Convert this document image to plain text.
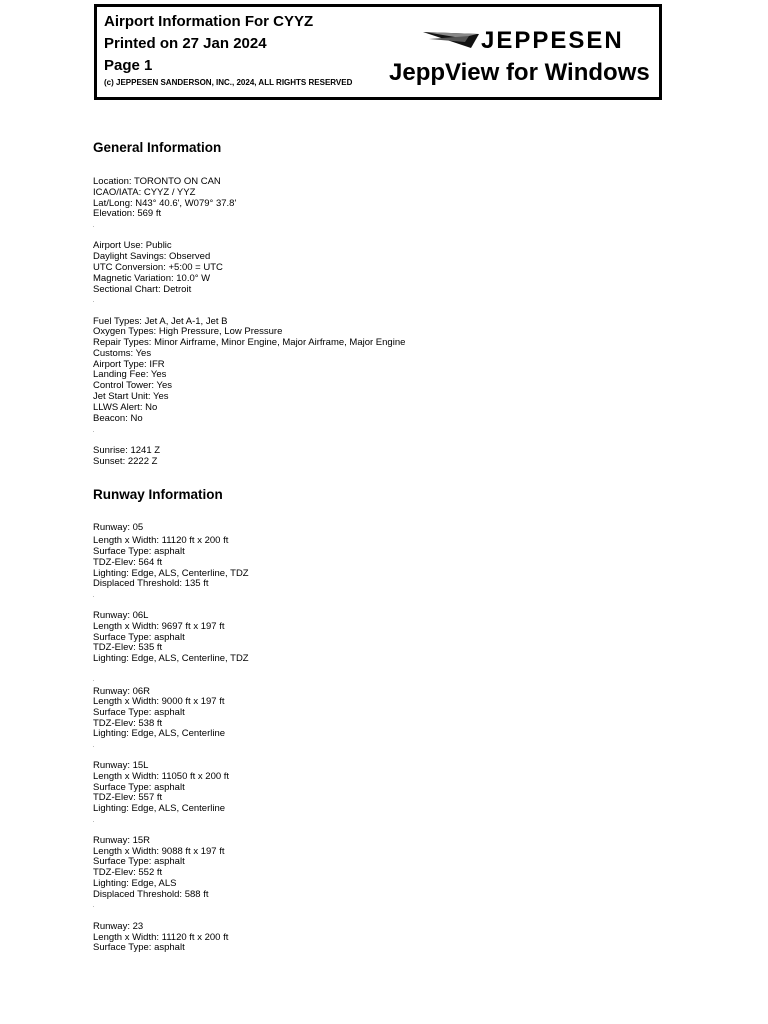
Airport Information For CYYZ
Printed on 27 Jan 2024
Page 1
(c) JEPPESEN SANDERSON, INC., 2024, ALL RIGHTS RESERVED
JEPPESEN
JeppView for Windows
General Information
Location: TORONTO ON CAN
ICAO/IATA: CYYZ / YYZ
Lat/Long: N43° 40.6', W079° 37.8'
Elevation: 569 ft
Airport Use: Public
Daylight Savings: Observed
UTC Conversion: +5:00 = UTC
Magnetic Variation: 10.0° W
Sectional Chart: Detroit
Fuel Types: Jet A, Jet A-1, Jet B
Oxygen Types: High Pressure, Low Pressure
Repair Types: Minor Airframe, Minor Engine, Major Airframe, Major Engine
Customs: Yes
Airport Type: IFR
Landing Fee: Yes
Control Tower: Yes
Jet Start Unit: Yes
LLWS Alert: No
Beacon: No
Sunrise: 1241 Z
Sunset: 2222 Z
Runway Information
Runway: 05
Length x Width: 11120 ft x 200 ft
Surface Type: asphalt
TDZ-Elev: 564 ft
Lighting: Edge, ALS, Centerline, TDZ
Displaced Threshold: 135 ft
Runway: 06L
Length x Width: 9697 ft x 197 ft
Surface Type: asphalt
TDZ-Elev: 535 ft
Lighting: Edge, ALS, Centerline, TDZ
Runway: 06R
Length x Width: 9000 ft x 197 ft
Surface Type: asphalt
TDZ-Elev: 538 ft
Lighting: Edge, ALS, Centerline
Runway: 15L
Length x Width: 11050 ft x 200 ft
Surface Type: asphalt
TDZ-Elev: 557 ft
Lighting: Edge, ALS, Centerline
Runway: 15R
Length x Width: 9088 ft x 197 ft
Surface Type: asphalt
TDZ-Elev: 552 ft
Lighting: Edge, ALS
Displaced Threshold: 588 ft
Runway: 23
Length x Width: 11120 ft x 200 ft
Surface Type: asphalt
